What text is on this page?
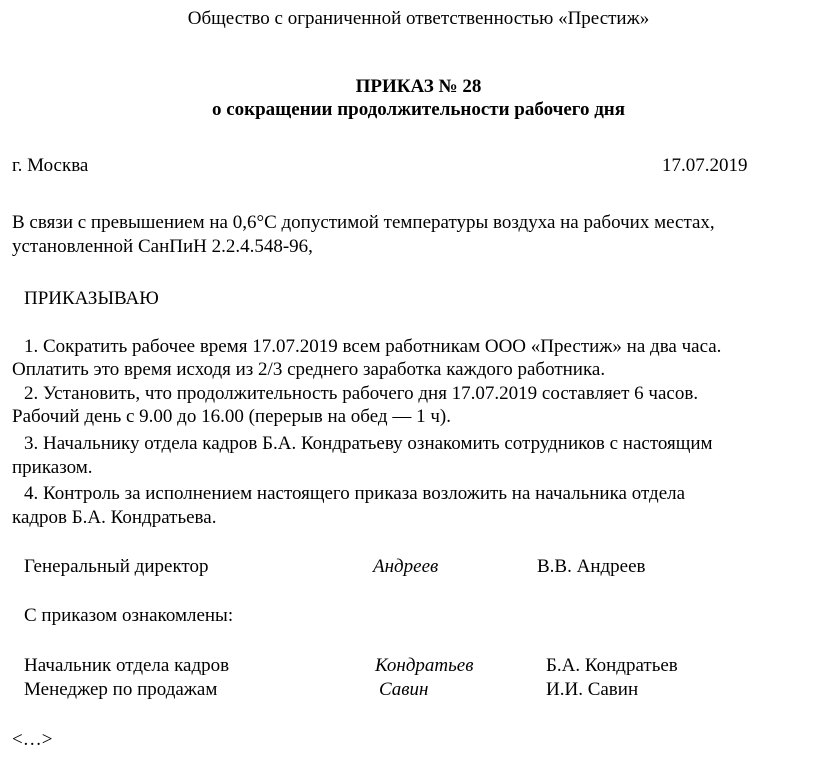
Общество с ограниченной ответственностью «Престиж»
ПРИКАЗ № 28
о сокращении продолжительности рабочего дня
г. Москва	17.07.2019
В связи с превышением на 0,6°С допустимой температуры воздуха на рабочих местах,
установленной СанПиН 2.2.4.548-96,
ПРИКАЗЫВАЮ
1. Сократить рабочее время 17.07.2019 всем работникам ООО «Престиж» на два часа.
Оплатить это время исходя из 2/3 среднего заработка каждого работника.
2. Установить, что продолжительность рабочего дня 17.07.2019 составляет 6 часов.
Рабочий день с 9.00 до 16.00 (перерыв на обед — 1 ч).
3. Начальнику отдела кадров Б.А. Кондратьеву ознакомить сотрудников с настоящим
приказом.
4. Контроль за исполнением настоящего приказа возложить на начальника отдела
кадров Б.А. Кондратьева.
Генеральный директор	Андреев	В.В. Андреев
С приказом ознакомлены:
Начальник отдела кадров	Кондратьев	Б.А. Кондратьев
Менеджер по продажам	Савин	И.И. Савин
<…>
